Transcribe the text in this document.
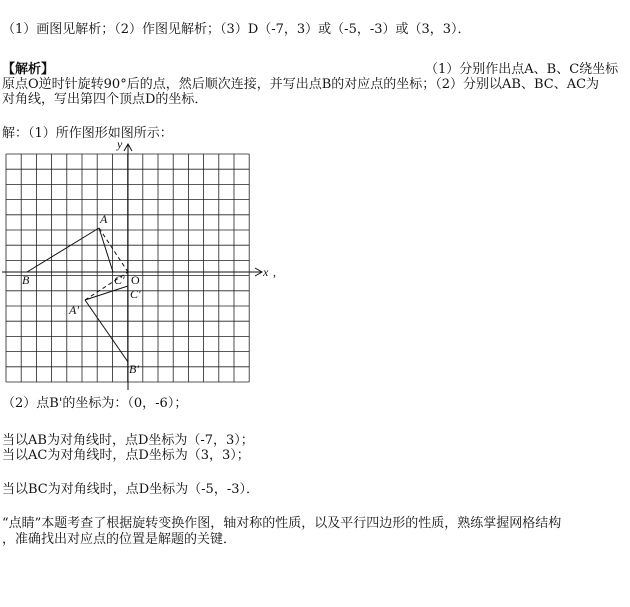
（1）画图见解析；（2）作图见解析；（3）D（-7，3）或（-5，-3）或（3，3）．
【解析】	（1）分别作出点A、B、C绕坐标
原点O逆时针旋转90°后的点，然后顺次连接，并写出点B的对应点的坐标；（2）分别以AB、BC、AC为
对角线，写出第四个顶点D的坐标．
解：（1）所作图形如图所示：
A
B	C' O
C'
A'
B'
x ,
y
（2）点B'的坐标为：（0，-6）；
当以AB为对角线时，点D坐标为（-7，3）；
当以AC为对角线时，点D坐标为（3，3）；
当以BC为对角线时，点D坐标为（-5，-3）．
“点睛”本题考查了根据旋转变换作图，轴对称的性质，以及平行四边形的性质，熟练掌握网格结构
，准确找出对应点的位置是解题的关键．
